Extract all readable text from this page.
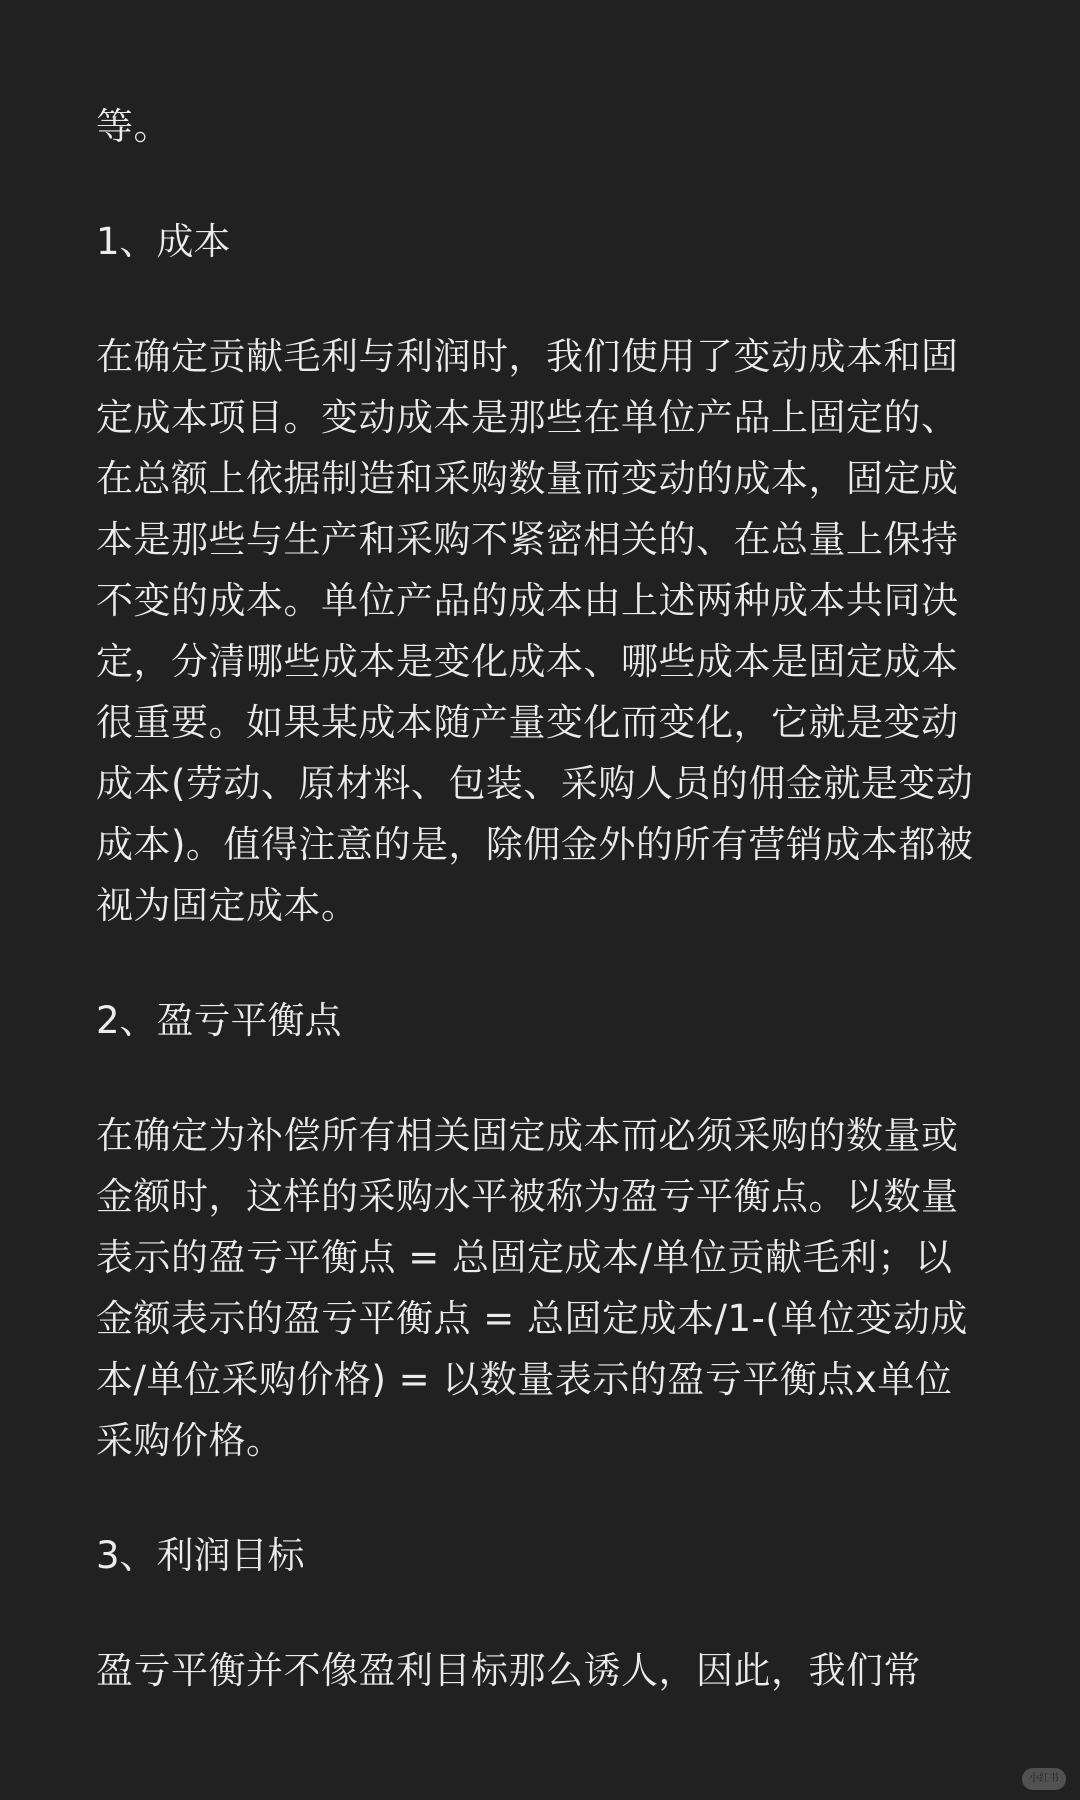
等。

1、成本

在确定贡献毛利与利润时，我们使用了变动成本和固定成本项目。变动成本是那些在单位产品上固定的、在总额上依据制造和采购数量而变动的成本，固定成本是那些与生产和采购不紧密相关的、在总量上保持不变的成本。单位产品的成本由上述两种成本共同决定，分清哪些成本是变化成本、哪些成本是固定成本很重要。如果某成本随产量变化而变化，它就是变动成本(劳动、原材料、包装、采购人员的佣金就是变动成本)。值得注意的是，除佣金外的所有营销成本都被视为固定成本。

2、盈亏平衡点

在确定为补偿所有相关固定成本而必须采购的数量或金额时，这样的采购水平被称为盈亏平衡点。以数量表示的盈亏平衡点 = 总固定成本/单位贡献毛利；以金额表示的盈亏平衡点 = 总固定成本/1-(单位变动成本/单位采购价格) = 以数量表示的盈亏平衡点x单位采购价格。

3、利润目标

盈亏平衡并不像盈利目标那么诱人，因此，我们常

小红书
